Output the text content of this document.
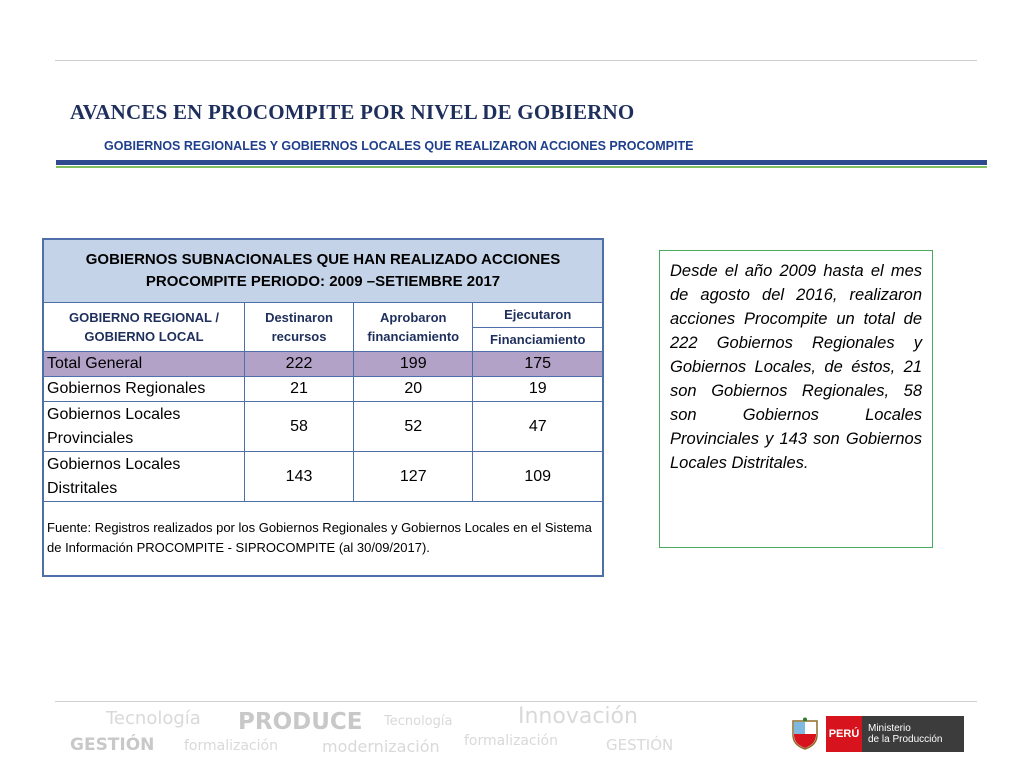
AVANCES EN PROCOMPITE POR NIVEL DE GOBIERNO
GOBIERNOS REGIONALES Y GOBIERNOS LOCALES QUE REALIZARON ACCIONES PROCOMPITE
GOBIERNOS SUBNACIONALES QUE HAN REALIZADO ACCIONES PROCOMPITE PERIODO: 2009 –SETIEMBRE 2017			
GOBIERNO REGIONAL / GOBIERNO LOCAL	Destinaron recursos	Aprobaron financiamiento	Ejecutaron
			Financiamiento
Total General	222	199	175
Gobiernos Regionales	21	20	19
Gobiernos Locales Provinciales	58	52	47
Gobiernos Locales Distritales	143	127	109
Fuente: Registros realizados por los Gobiernos Regionales y Gobiernos Locales en el Sistema de Información PROCOMPITE - SIPROCOMPITE (al 30/09/2017).			
Desde el año 2009 hasta el mes de agosto del 2016, realizaron acciones Procompite un total de 222 Gobiernos Regionales y Gobiernos Locales, de éstos, 21 son Gobiernos Regionales, 58 son Gobiernos Locales Provinciales y 143 son Gobiernos Locales Distritales.
Tecnología PRODUCE Tecnología	Innovación
GESTIÓN formalización	modernización formalización	GESTIÓN
PERÚ Ministerio
de la Producción
